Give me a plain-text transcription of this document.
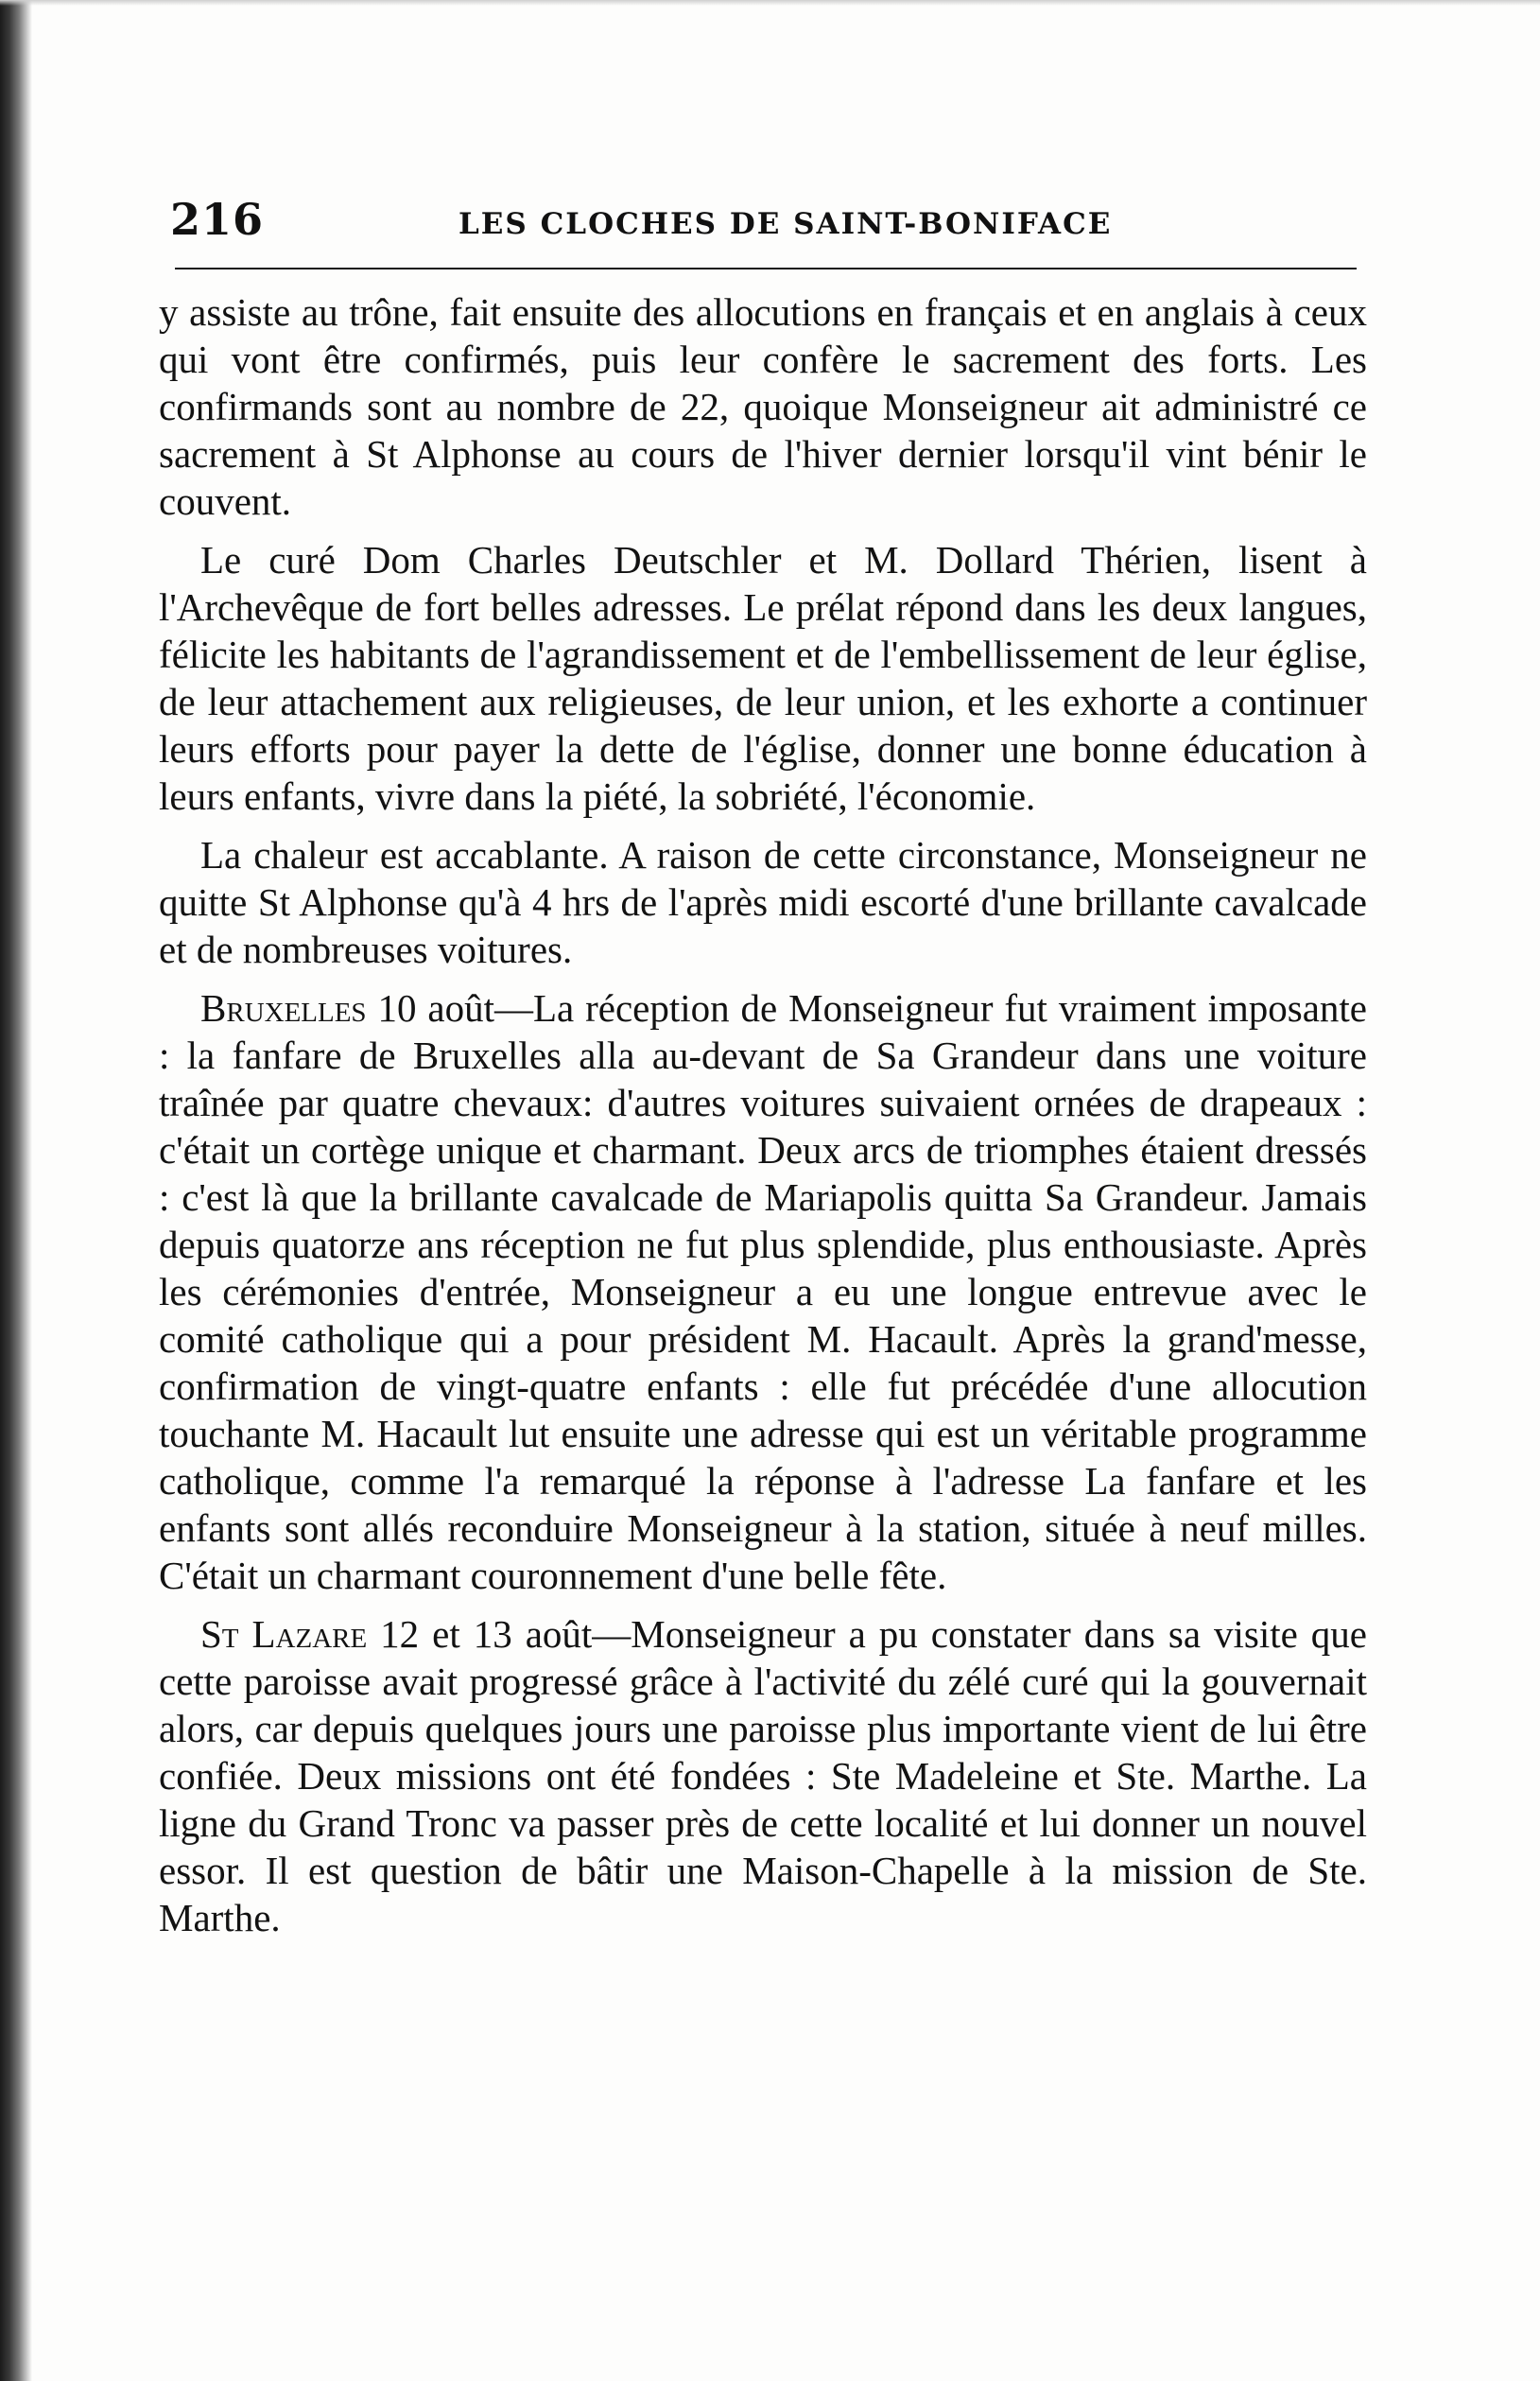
216	LES CLOCHES DE SAINT-BONIFACE

y assiste au trône, fait ensuite des allocutions en français et en anglais à ceux qui vont être confirmés, puis leur confère le sacrement des forts. Les confirmands sont au nombre de 22, quoique Monseigneur ait administré ce sacrement à St Alphonse au cours de l'hiver dernier lorsqu'il vint bénir le couvent.

Le curé Dom Charles Deutschler et M. Dollard Thérien, lisent à l'Archevêque de fort belles adresses. Le prélat répond dans les deux langues, félicite les habitants de l'agrandissement et de l'embellissement de leur église, de leur attachement aux religieuses, de leur union, et les exhorte a continuer leurs efforts pour payer la dette de l'église, donner une bonne éducation à leurs enfants, vivre dans la piété, la sobriété, l'économie.

La chaleur est accablante. A raison de cette circonstance, Monseigneur ne quitte St Alphonse qu'à 4 hrs de l'après midi escorté d'une brillante cavalcade et de nombreuses voitures.

Bruxelles 10 août—La réception de Monseigneur fut vraiment imposante : la fanfare de Bruxelles alla au-devant de Sa Grandeur dans une voiture traînée par quatre chevaux: d'autres voitures suivaient ornées de drapeaux : c'était un cortège unique et charmant. Deux arcs de triomphes étaient dressés : c'est là que la brillante cavalcade de Mariapolis quitta Sa Grandeur. Jamais depuis quatorze ans réception ne fut plus splendide, plus enthousiaste. Après les cérémonies d'entrée, Monseigneur a eu une longue entrevue avec le comité catholique qui a pour président M. Hacault. Après la grand'messe, confirmation de vingt-quatre enfants : elle fut précédée d'une allocution touchante M. Hacault lut ensuite une adresse qui est un véritable programme catholique, comme l'a remarqué la réponse à l'adresse La fanfare et les enfants sont allés reconduire Monseigneur à la station, située à neuf milles. C'était un charmant couronnement d'une belle fête.

St Lazare 12 et 13 août—Monseigneur a pu constater dans sa visite que cette paroisse avait progressé grâce à l'activité du zélé curé qui la gouvernait alors, car depuis quelques jours une paroisse plus importante vient de lui être confiée. Deux missions ont été fondées : Ste Madeleine et Ste. Marthe. La ligne du Grand Tronc va passer près de cette localité et lui donner un nouvel essor. Il est question de bâtir une Maison-Chapelle à la mission de Ste. Marthe.
